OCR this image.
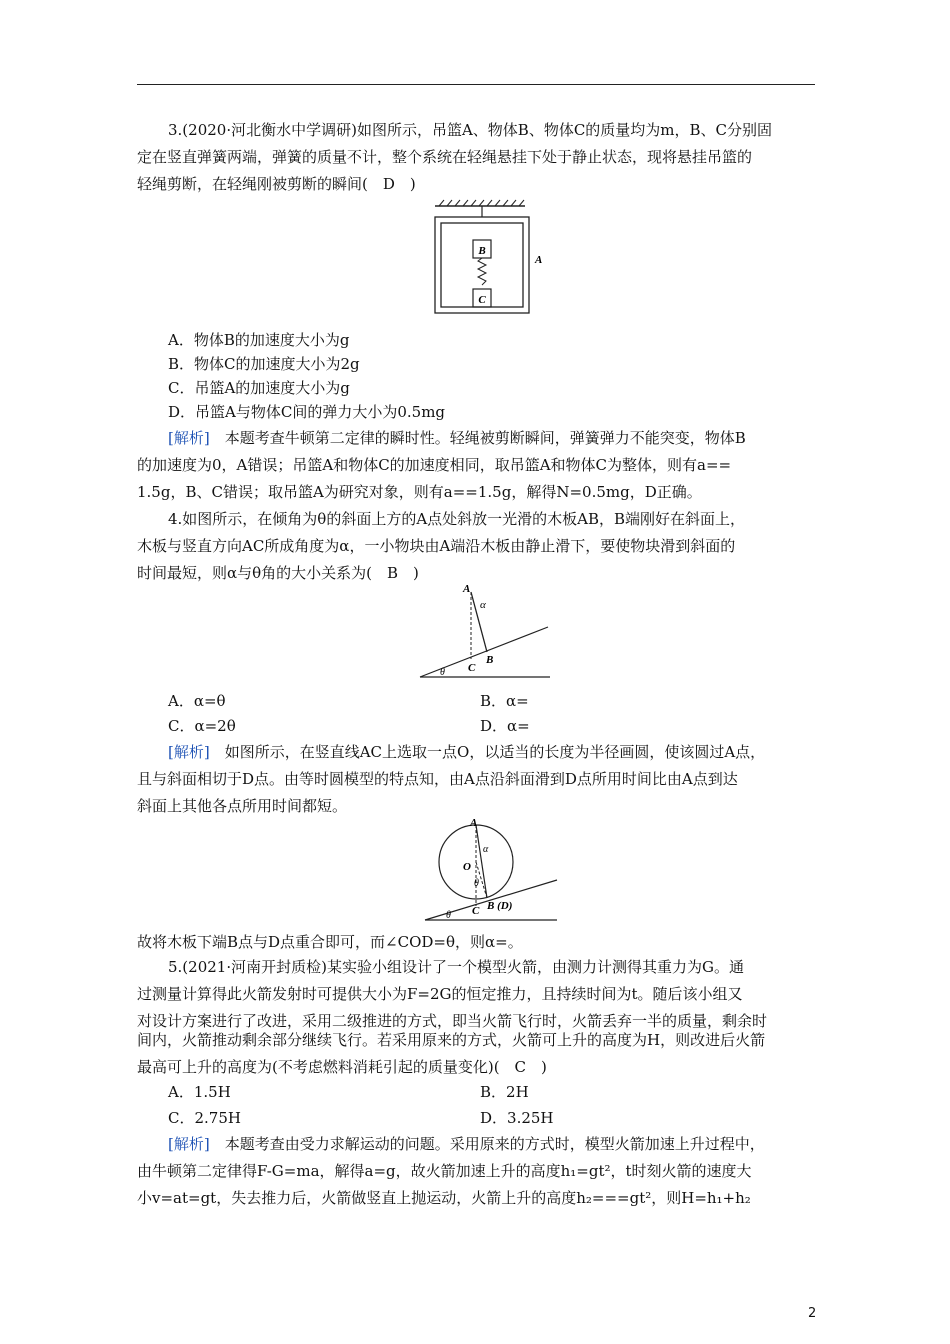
3.(2020·河北衡水中学调研)如图所示，吊篮A、物体B、物体C的质量均为m，B、C分别固
定在竖直弹簧两端，弹簧的质量不计，整个系统在轻绳悬挂下处于静止状态，现将悬挂吊篮的
轻绳剪断，在轻绳刚被剪断的瞬间(　D　)
B
C
A
A．物体B的加速度大小为g
B．物体C的加速度大小为2g
C．吊篮A的加速度大小为g
D．吊篮A与物体C间的弹力大小为0.5mg
[解析]　本题考查牛顿第二定律的瞬时性。轻绳被剪断瞬间，弹簧弹力不能突变，物体B
的加速度为0，A错误；吊篮A和物体C的加速度相同，取吊篮A和物体C为整体，则有a==
1.5g，B、C错误；取吊篮A为研究对象，则有a==1.5g，解得N=0.5mg，D正确。
4.如图所示，在倾角为θ的斜面上方的A点处斜放一光滑的木板AB，B端刚好在斜面上，
木板与竖直方向AC所成角度为α，一小物块由A端沿木板由静止滑下，要使物块滑到斜面的
时间最短，则α与θ角的大小关系为(　B　)
A
α
C
B
θ
A．α=θ	B．α=
C．α=2θ	D．α=
[解析]　如图所示，在竖直线AC上选取一点O，以适当的长度为半径画圆，使该圆过A点，
且与斜面相切于D点。由等时圆模型的特点知，由A点沿斜面滑到D点所用时间比由A点到达
斜面上其他各点所用时间都短。
A
O
α
θ
C B (D)
θ
故将木板下端B点与D点重合即可，而∠COD=θ，则α=。
5.(2021·河南开封质检)某实验小组设计了一个模型火箭，由测力计测得其重力为G。通
过测量计算得此火箭发射时可提供大小为F=2G的恒定推力，且持续时间为t。随后该小组又
对设计方案进行了改进，采用二级推进的方式，即当火箭飞行时，火箭丢弃一半的质量，剩余时
间内，火箭推动剩余部分继续飞行。若采用原来的方式，火箭可上升的高度为H，则改进后火箭
最高可上升的高度为(不考虑燃料消耗引起的质量变化)(　C　)
A．1.5H	B．2H
C．2.75H	D．3.25H
[解析]　本题考查由受力求解运动的问题。采用原来的方式时，模型火箭加速上升过程中，
由牛顿第二定律得F-G=ma，解得a=g，故火箭加速上升的高度h₁=gt²，t时刻火箭的速度大
小v=at=gt，失去推力后，火箭做竖直上抛运动，火箭上升的高度h₂===gt²，则H=h₁+h₂
2
